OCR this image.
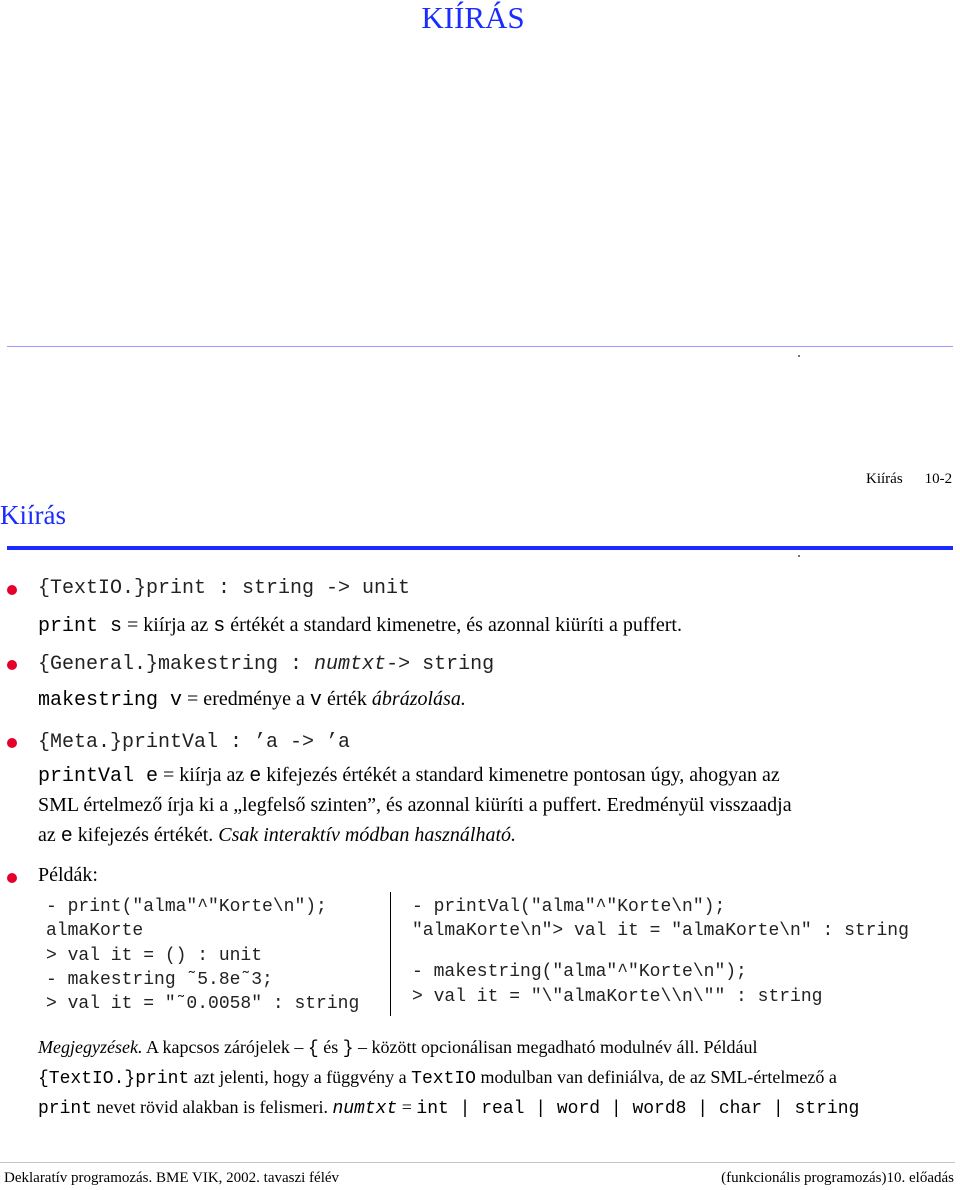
KIÍRÁS
Kiírás 10-2
Kiírás
{TextIO.}print : string -> unit
print s = kiírja az s értékét a standard kimenetre, és azonnal kiüríti a puffert.
{General.}makestring : numtxt-> string
makestring v = eredménye a v érték ábrázolása.
{Meta.}printVal : ’a -> ’a
printVal e = kiírja az e kifejezés értékét a standard kimenetre pontosan úgy, ahogyan az
SML értelmező írja ki a „legfelső szinten”, és azonnal kiüríti a puffert. Eredményül visszaadja
az e kifejezés értékét. Csak interaktív módban használható.
Példák:
- print("alma"^"Korte\n");
almaKorte
> val it = () : unit
- makestring ˜5.8e˜3;
> val it = "˜0.0058" : string
- printVal("alma"^"Korte\n");
"almaKorte\n"> val it = "almaKorte\n" : string
- makestring("alma"^"Korte\n");
> val it = "\"almaKorte\\n\"" : string
Megjegyzések. A kapcsos zárójelek – { és } – között opcionálisan megadható modulnév áll. Például
{TextIO.}print azt jelenti, hogy a függvény a TextIO modulban van definiálva, de az SML-értelmező a
print nevet rövid alakban is felismeri. numtxt = int | real | word | word8 | char | string
Deklaratív programozás. BME VIK, 2002. tavaszi félév	(funkcionális programozás)10. előadás
